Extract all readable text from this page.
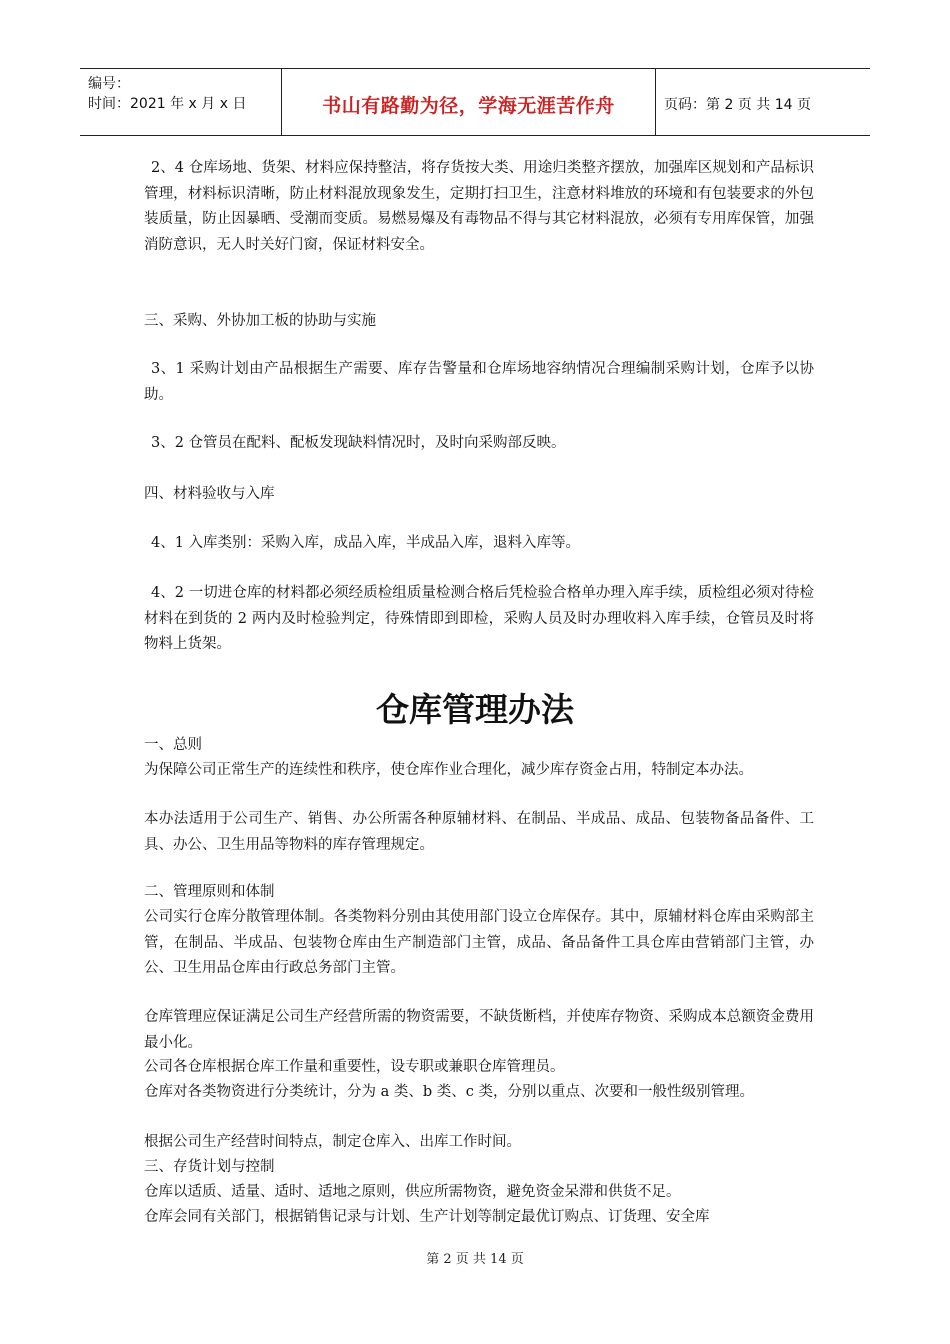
编号：
时间：2021 年 x 月 x 日	书山有路勤为径，学海无涯苦作舟	页码：第 2 页 共 14 页

2、4 仓库场地、货架、材料应保持整洁，将存货按大类、用途归类整齐摆放，加强库区规划和产品标识管理，材料标识清晰，防止材料混放现象发生，定期打扫卫生，注意材料堆放的环境和有包装要求的外包装质量，防止因暴晒、受潮而变质。易燃易爆及有毒物品不得与其它材料混放，必须有专用库保管，加强消防意识，无人时关好门窗，保证材料安全。

三、采购、外协加工板的协助与实施

3、1 采购计划由产品根据生产需要、库存告警量和仓库场地容纳情况合理编制采购计划，仓库予以协助。

3、2 仓管员在配料、配板发现缺料情况时，及时向采购部反映。

四、材料验收与入库

4、1 入库类别：采购入库，成品入库，半成品入库，退料入库等。

4、2 一切进仓库的材料都必须经质检组质量检测合格后凭检验合格单办理入库手续，质检组必须对待检材料在到货的 2 两内及时检验判定，待殊情即到即检，采购人员及时办理收料入库手续，仓管员及时将物料上货架。

仓库管理办法

一、总则

为保障公司正常生产的连续性和秩序，使仓库作业合理化，减少库存资金占用，特制定本办法。

本办法适用于公司生产、销售、办公所需各种原辅材料、在制品、半成品、成品、包装物备品备件、工具、办公、卫生用品等物料的库存管理规定。

二、管理原则和体制

公司实行仓库分散管理体制。各类物料分别由其使用部门设立仓库保存。其中，原辅材料仓库由采购部主管，在制品、半成品、包装物仓库由生产制造部门主管，成品、备品备件工具仓库由营销部门主管，办公、卫生用品仓库由行政总务部门主管。

仓库管理应保证满足公司生产经营所需的物资需要，不缺货断档，并使库存物资、采购成本总额资金费用最小化。

公司各仓库根据仓库工作量和重要性，设专职或兼职仓库管理员。

仓库对各类物资进行分类统计，分为 a 类、b 类、c 类，分别以重点、次要和一般性级别管理。

根据公司生产经营时间特点，制定仓库入、出库工作时间。

三、存货计划与控制

仓库以适质、适量、适时、适地之原则，供应所需物资，避免资金呆滞和供货不足。

仓库会同有关部门，根据销售记录与计划、生产计划等制定最优订购点、订货理、安全库

第 2 页 共 14 页
